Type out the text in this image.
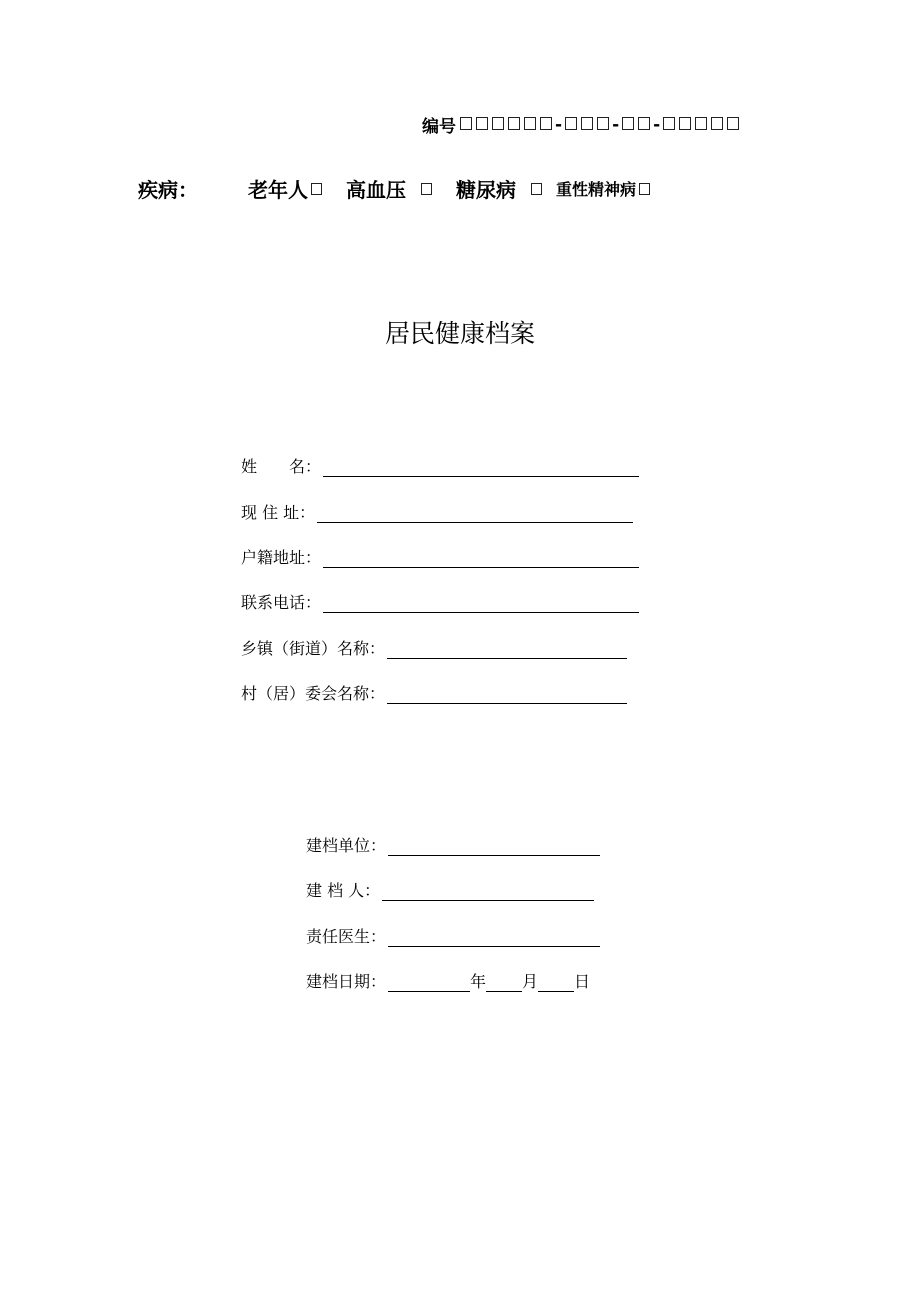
编号	-	- -
疾病：	老年人 高血压	糖尿病	重性精神病
居民健康档案
姓　　名：
现 住 址：
户籍地址：
联系电话：
乡镇（街道）名称：
村（居）委会名称：
建档单位：
建 档 人：
责任医生：
建档日期：	年 月 日
